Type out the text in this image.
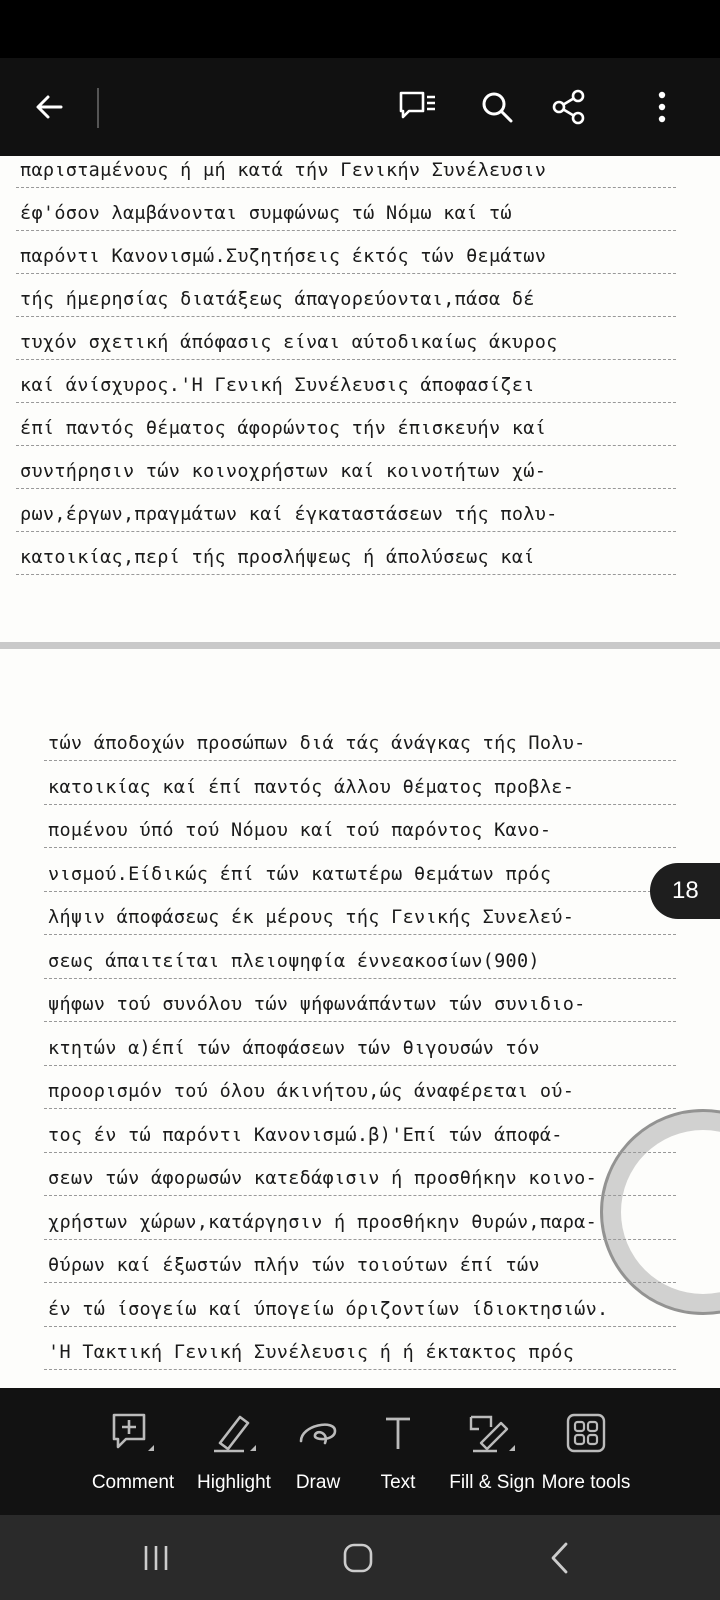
παριστaμένους ή μή κατά τήν Γενικήν Συνέλευσιν
έφ'όσον λαμβάνονται συμφώνως τώ Νόμω καί τώ
παρόντι Κανονισμώ.Συζητήσεις έκτός τών θεμάτων
τής ήμερησίας διατάξεως άπαγορεύονται,πάσα δέ
τυχόν σχετική άπόφασις είναι αύτοδικαίως άκυρος
καί άνίσχυρος.'Η Γενική Συνέλευσις άποφασίζει
έπί παντός θέματος άφορώντος τήν έπισκευήν καί
συντήρησιν τών κοινοχρήστων καί κοινοτήτων χώ-
ρων,έργων,πραγμάτων καί έγκαταστάσεων τής πολυ-
κατοικίας,περί τής προσλήψεως ή άπολύσεως καί
τών άποδοχών προσώπων διά τάς άνάγκας τής Πολυ-
κατοικίας καί έπί παντός άλλου θέματος προβλε-
πομένου ύπό τού Νόμου καί τού παρόντος Κανο-
νισμού.Είδικώς έπί τών κατωτέρω θεμάτων πρός
λήψιν άποφάσεως έκ μέρους τής Γενικής Συνελεύ-
σεως άπαιτείται πλειοψηφία έννεακοσίων(900)
ψήφων τού συνόλου τών ψήφωνάπάντων τών συνιδιο-
κτητών α)έπί τών άποφάσεων τών θιγουσών τόν
προορισμόν τού όλου άκινήτου,ώς άναφέρεται ού-
τος έν τώ παρόντι Κανονισμώ.β)'Επί τών άποφά-
σεων τών άφορωσών κατεδάφισιν ή προσθήκην κοινο-
χρήστων χώρων,κατάργησιν ή προσθήκην θυρών,παρα-
θύρων καί έξωστών πλήν τών τοιούτων έπί τών
έν τώ ίσογείω καί ύπογείω όριζοντίων ίδιοκτησιών.
'Η Τακτική Γενική Συνέλευσις ή ή έκτακτος πρός
18
Comment Highlight Draw Text Fill & Sign More tools
